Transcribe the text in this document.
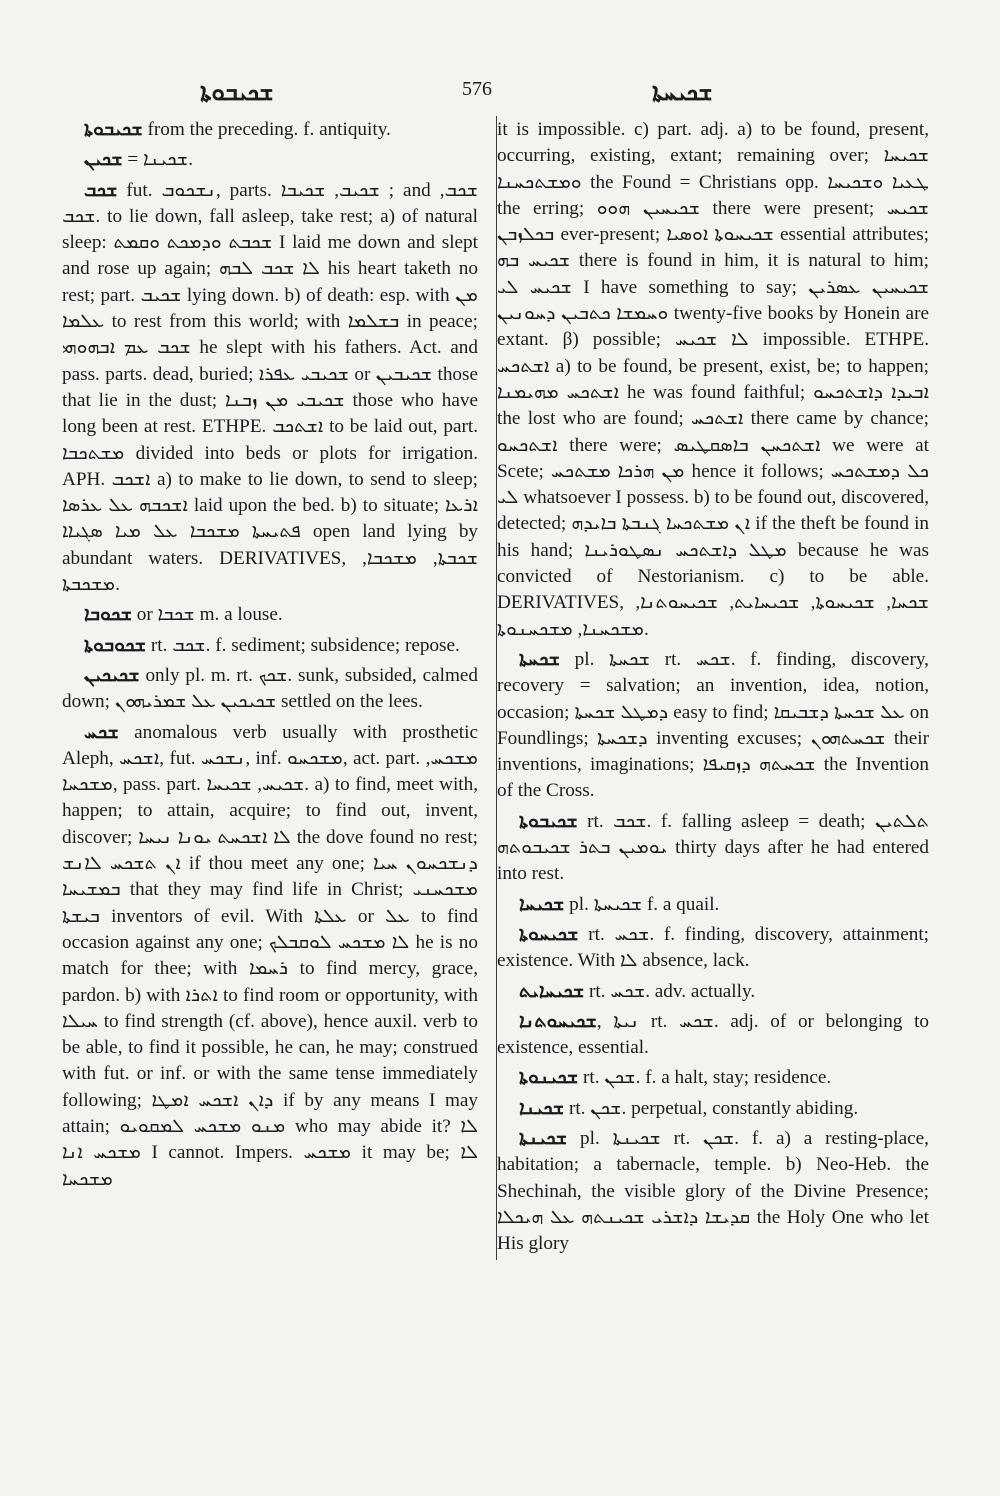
ܫܟܝܒܘܬܐ	576	ܫܟܝܚܬܐ

ܫܟܝܒܘܬܐ from the preceding. f. antiquity.

ܫܟܝܢ = ܫܟܝܢܐ.

ܫܟܒ fut. ܢܫܟܘܒ, parts. ܫܟܝܒ, ܫܟܝܒܐ ; and ܫܟܒ, ܫܟܒ. to lie down, fall asleep, take rest; a) of natural sleep: ܫܟܒܬ ܘܕܡܟܬ ܘܩܡܬ I laid me down and slept and rose up again; ܠܐ ܫܟܒ ܠܒܗ his heart taketh no rest; part. ܫܟܝܒ lying down. b) of death: esp. with ܡܢ ܥܠܡܐ to rest from this world; with ܒܫܠܡܐ in peace; ܫܟܒ ܥܡ ܐܒܗܘܗܝ he slept with his fathers. Act. and pass. parts. dead, buried; ܫܟܝܒܝ ܥܦܪܐ or ܫܟܝܒܝܢ those that lie in the dust; ܫܟܝܒܝ ܡܢ ܙܒܢܐ those who have long been at rest. ETHPE. ܐܫܬܟܒ to be laid out, part. ܡܫܬܟܒܐ divided into beds or plots for irrigation. APH. ܐܫܟܒ a) to make to lie down, to send to sleep; ܐܫܟܒܗ ܥܠ ܥܪܣܐ laid upon the bed. b) to situate; ܐܪܥܐ ܦܬܝܚܬܐ ܡܫܟܒܐ ܥܠ ܡܝܐ ܣܓܝܐܐ open land lying by abundant waters. DERIVATIVES, ܫܟܒܬܐ, ܡܫܟܒܐ, ܡܫܟܒܬܐ.

ܫܟܘܒܐ or ܫܟܒܐ m. a louse.

ܫܟܘܒܘܬܐ rt. ܫܟܒ. f. sediment; subsidence; repose.

ܫܟܝܟܝܢ only pl. m. rt. ܫܟܟ. sunk, subsided, calmed down; ܫܟܝܟܝܢ ܥܠ ܫܡܪܝܗܘܢ settled on the lees.

ܫܟܚ anomalous verb usually with prosthetic Aleph, ܐܫܟܚ, fut. ܢܫܟܚ, inf. ܡܫܟܚܘ, act. part. ܡܫܟܚ, ܡܫܟܚܐ, pass. part. ܫܟܝܚ, ܫܟܝܚܐ. a) to find, meet with, happen; to attain, acquire; to find out, invent, discover; ܠܐ ܐܫܟܚܬ ܝܘܢܐ ܢܝܚܐ the dove found no rest; ܐܢ ܬܫܟܚ ܠܐܢܫ if thou meet any one; ܕܢܫܟܚܘܢ ܚܝܐ ܒܡܫܝܚܐ that they may find life in Christ; ܡܫܟܚܢܝ ܒܝܫܬܐ inventors of evil. With ܥܠܬܐ or ܥܠ to find occasion against any one; ܠܐ ܡܫܟܚ ܠܘܩܒܠܟ he is no match for thee; with ܪܚܡܐ to find mercy, grace, pardon. b) with ܐܬܪܐ to find room or opportunity, with ܚܝܠܐ to find strength (cf. above), hence auxil. verb to be able, to find it possible, he can, he may; construed with fut. or inf. or with the same tense immediately following; ܕܐܢ ܐܫܟܚ ܐܡܛܐ if by any means I may attain; ܡܢܘ ܡܫܟܚ ܠܡܩܘܝܘ who may abide it? ܠܐ ܡܫܟܚ ܐܢܐ I cannot. Impers. ܡܫܟܚ it may be; ܠܐ ܡܫܟܚܐ

it is impossible. c) part. adj. a) to be found, present, occurring, existing, extant; remaining over; ܫܟܝܚܐ ܘܡܫܬܟܚܢܐ the Found = Christians opp. ܛܥܝܐ ܘܫܟܝܚܐ the erring; ܫܟܝܚܝܢ ܗܘܘ there were present; ܫܟܝܚ ܒܟܠܙܒܢ ever-present; ܫܟܝܚܘܬܐ ܐܘܣܝܐ essential attributes; ܫܟܝܚ ܒܗ there is found in him, it is natural to him; ܫܟܝܚ ܠܝ I have something to say; ܫܟܝܚܝܢ ܥܣܪܝܢ ܘܚܡܫܐ ܟܬܒܝܢ ܕܚܘܢܝܢ twenty-five books by Honein are extant. β) possible; ܠܐ ܫܟܝܚ impossible. ETHPE. ܐܫܬܟܚ a) to be found, be present, exist, be; to happen; ܐܫܬܟܚ ܡܗܝܡܢܐ he was found faithful; ܐܒܝܕܐ ܕܐܫܬܟܚܘ the lost who are found; ܐܫܬܟܚ there came by chance; ܐܫܬܟܚܘ there were; ܐܫܬܟܚܢ ܒܐܣܩܛܝܣ we were at Scete; ܡܢ ܗܪܟܐ ܡܫܬܟܚ hence it follows; ܟܠ ܕܡܫܬܟܚ ܠܝ whatsoever I possess. b) to be found out, discovered, detected; ܐܢ ܡܫܬܟܚܐ ܓܢܒܬܐ ܒܐܝܕܗ if the theft be found in his hand; ܡܛܠ ܕܐܫܬܟܚ ܢܣܛܘܪܝܢܐ because he was convicted of Nestorianism. c) to be able. DERIVATIVES, ܫܟܚܐ, ܫܟܝܚܘܬܐ, ܫܟܝܚܐܝܬ, ܫܟܝܚܘܬܢܐ, ܡܫܟܚܢܐ, ܡܫܟܚܢܘܬܐ.

ܫܟܚܬܐ pl. ܫܟܚܬܐ rt. ܫܟܚ. f. finding, discovery, recovery = salvation; an invention, idea, notion, occasion; ܕܡܛܠ ܫܟܚܬܐ easy to find; ܥܠ ܫܟܚܬܐ ܕܫܒܝܩܐ on Foundlings; ܕܫܟܚܬܐ inventing excuses; ܫܟܚܬܗܘܢ their inventions, imaginations; ܫܟܚܬܗ ܕܙܩܝܦܐ the Invention of the Cross.

ܫܟܝܒܘܬܐ rt. ܫܟܒ. f. falling asleep = death; ܬܠܬܝܢ ܝܘܡܝܢ ܒܬܪ ܫܟܝܒܘܬܗ thirty days after he had entered into rest.

ܫܟܝܚܐ pl. ܫܟܝܚܬܐ f. a quail.

ܫܟܝܚܘܬܐ rt. ܫܟܚ. f. finding, discovery, attainment; existence. With ܠܐ absence, lack.

ܫܟܝܚܐܝܬ rt. ܫܟܚ. adv. actually.

ܫܟܝܚܘܬܢܐ, ܢܝܬܐ rt. ܫܟܚ. adj. of or belonging to existence, essential.

ܫܟܝܢܘܬܐ rt. ܫܟܢ. f. a halt, stay; residence.

ܫܟܝܢܐ rt. ܫܟܢ. perpetual, constantly abiding.

ܫܟܝܢܬܐ pl. ܫܟܝܢܬܐ rt. ܫܟܢ. f. a) a resting-place, habitation; a tabernacle, temple. b) Neo-Heb. the Shechinah, the visible glory of the Divine Presence; ܩܕܝܫܐ ܕܐܫܪܝ ܫܟܝܢܬܗ ܥܠ ܗܝܟܠܐ the Holy One who let His glory
